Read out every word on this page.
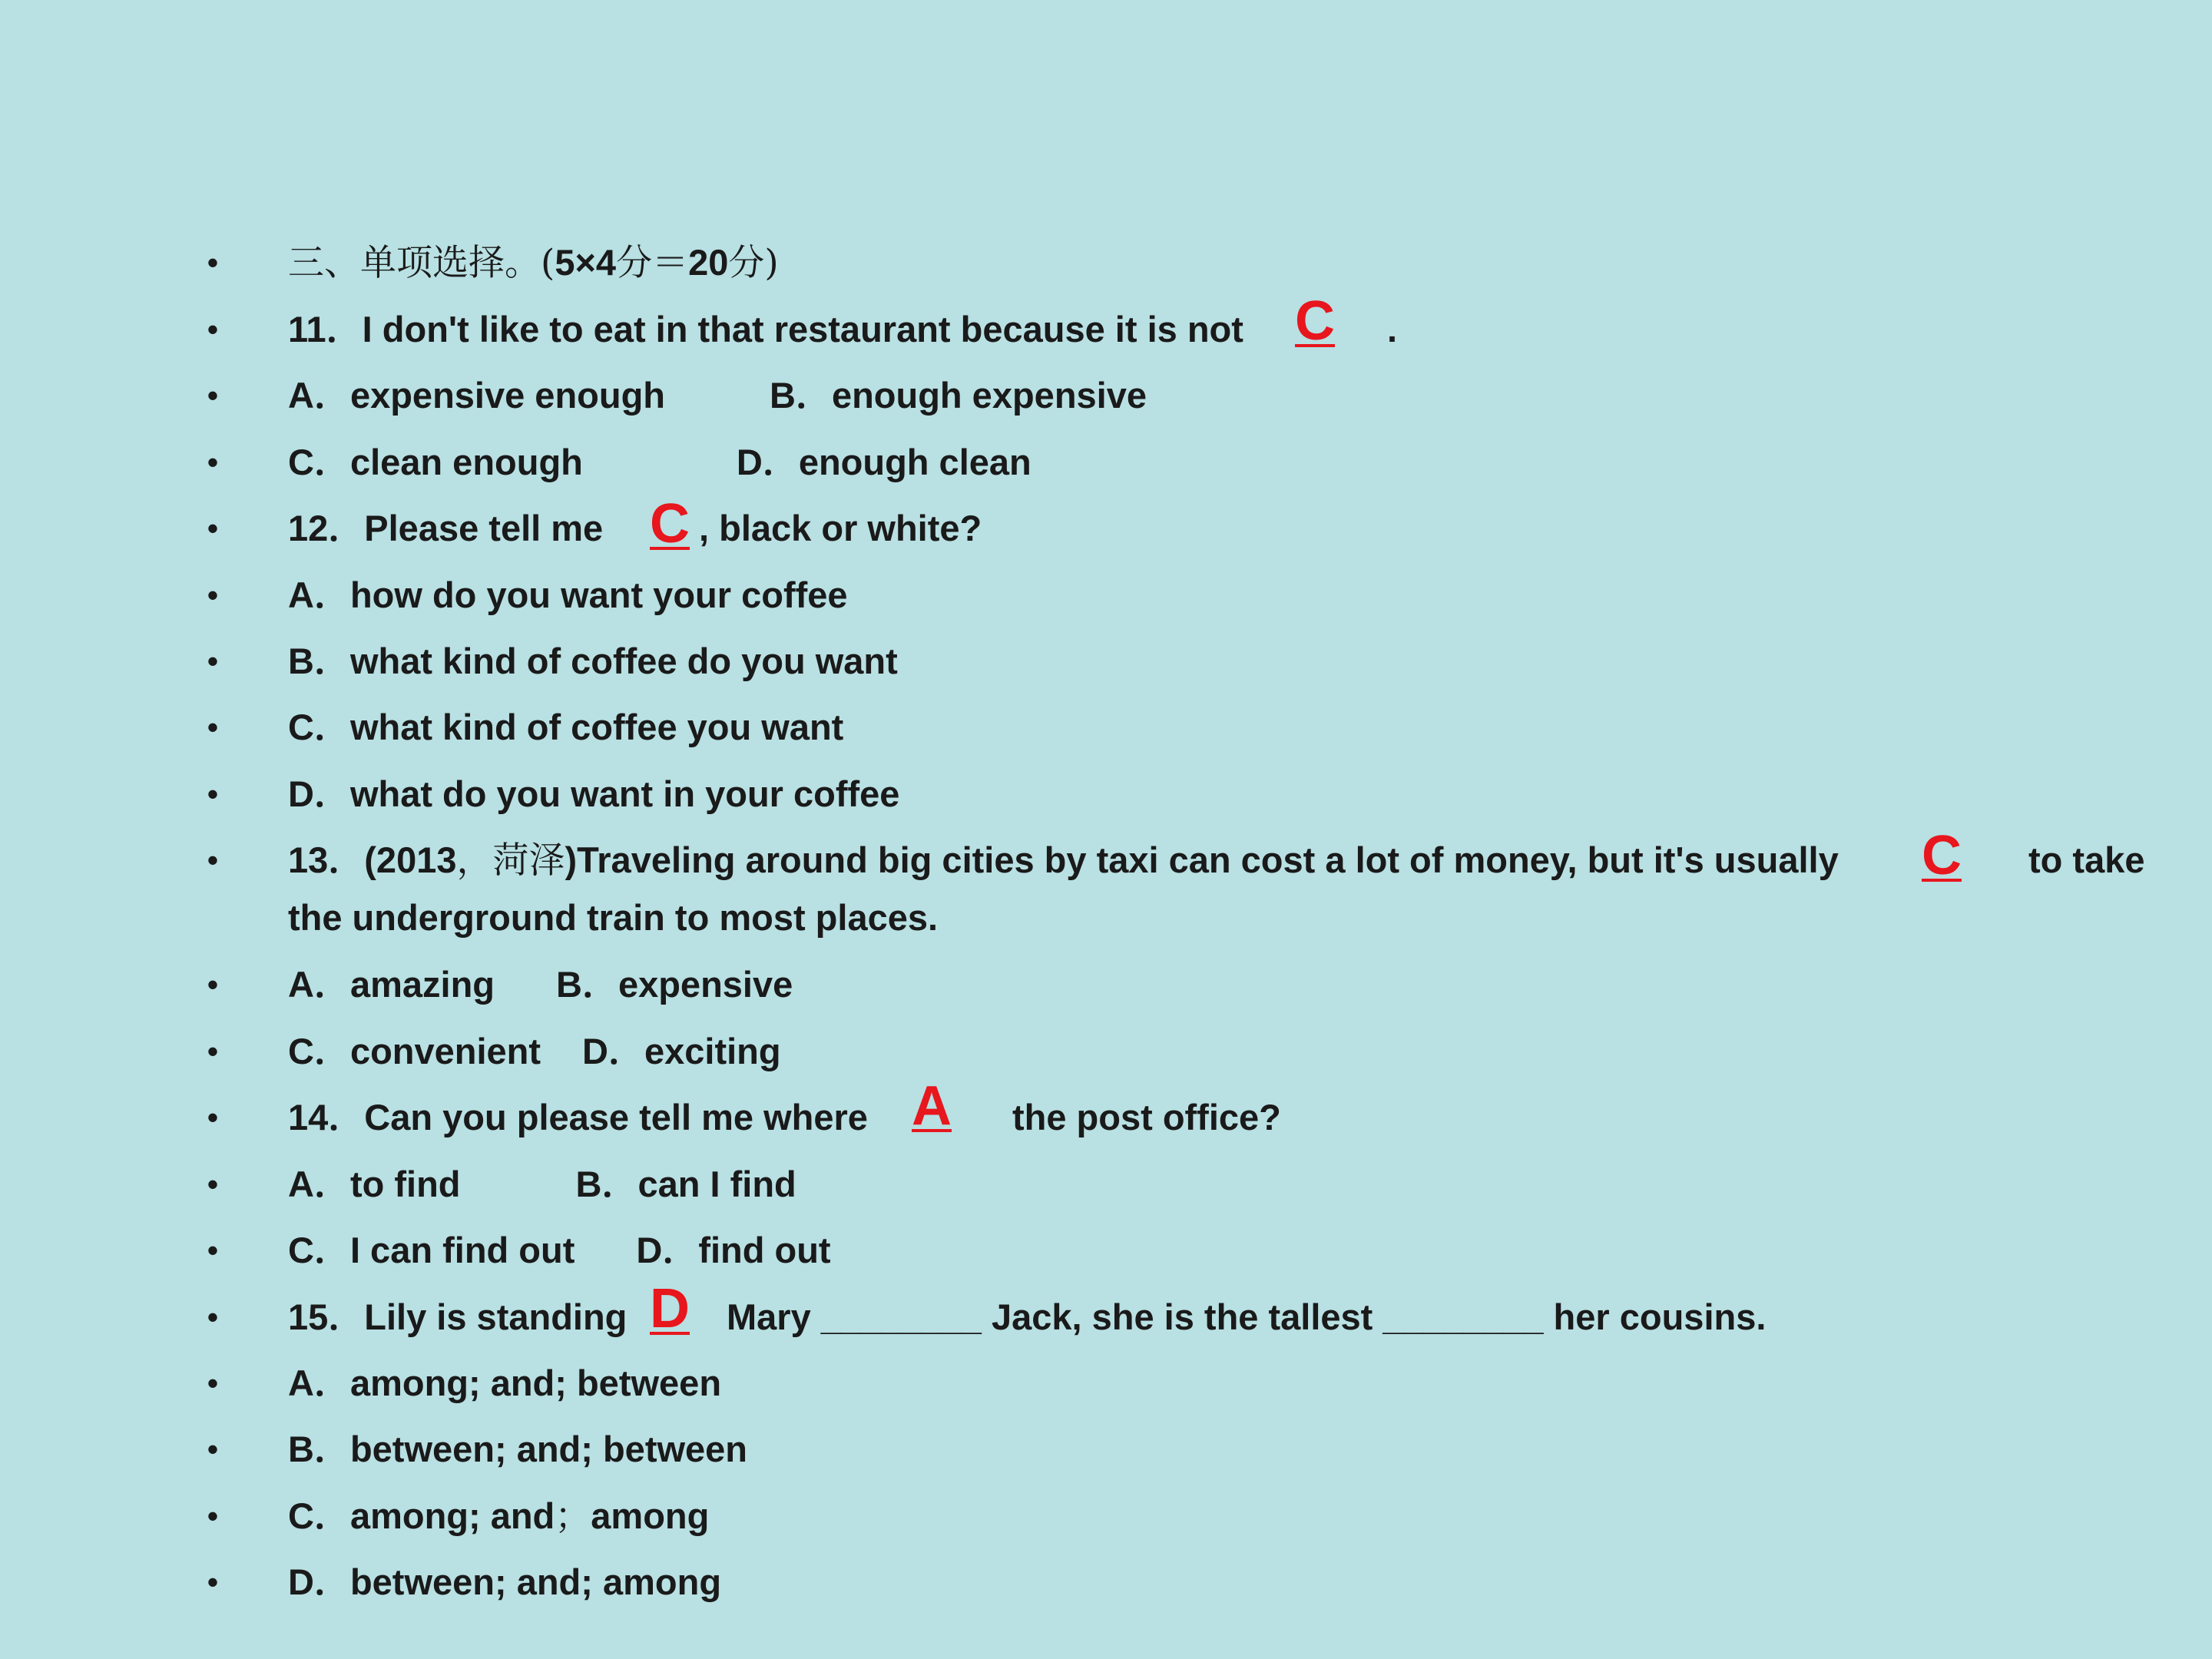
•
•
•
•
•
•
•
•
•
•
•
•
•
•
•
•
•
•
•
•
三、单项选择。(5×4分＝20分)
11．I don't like to eat in that restaurant because it is not C .
A．expensive enough	B．enough expensive
C．clean enough	D．enough clean
12．Please tell me C , black or white?
A．how do you want your coffee
B．what kind of coffee do you want
C．what kind of coffee you want
D．what do you want in your coffee
13．(2013，菏泽)Traveling around big cities by taxi can cost a lot of money, but it's usually C to take
the underground train to most places.
A．amazing B．expensive
C．convenient D．exciting
14．Can you please tell me where A the post office?
A．to find	B．can I find
C．I can find out D．find out
15．Lily is standing D Mary ________ Jack, she is the tallest ________ her cousins.
A．among; and; between
B．between; and; between
C．among; and；among
D．between; and; among
